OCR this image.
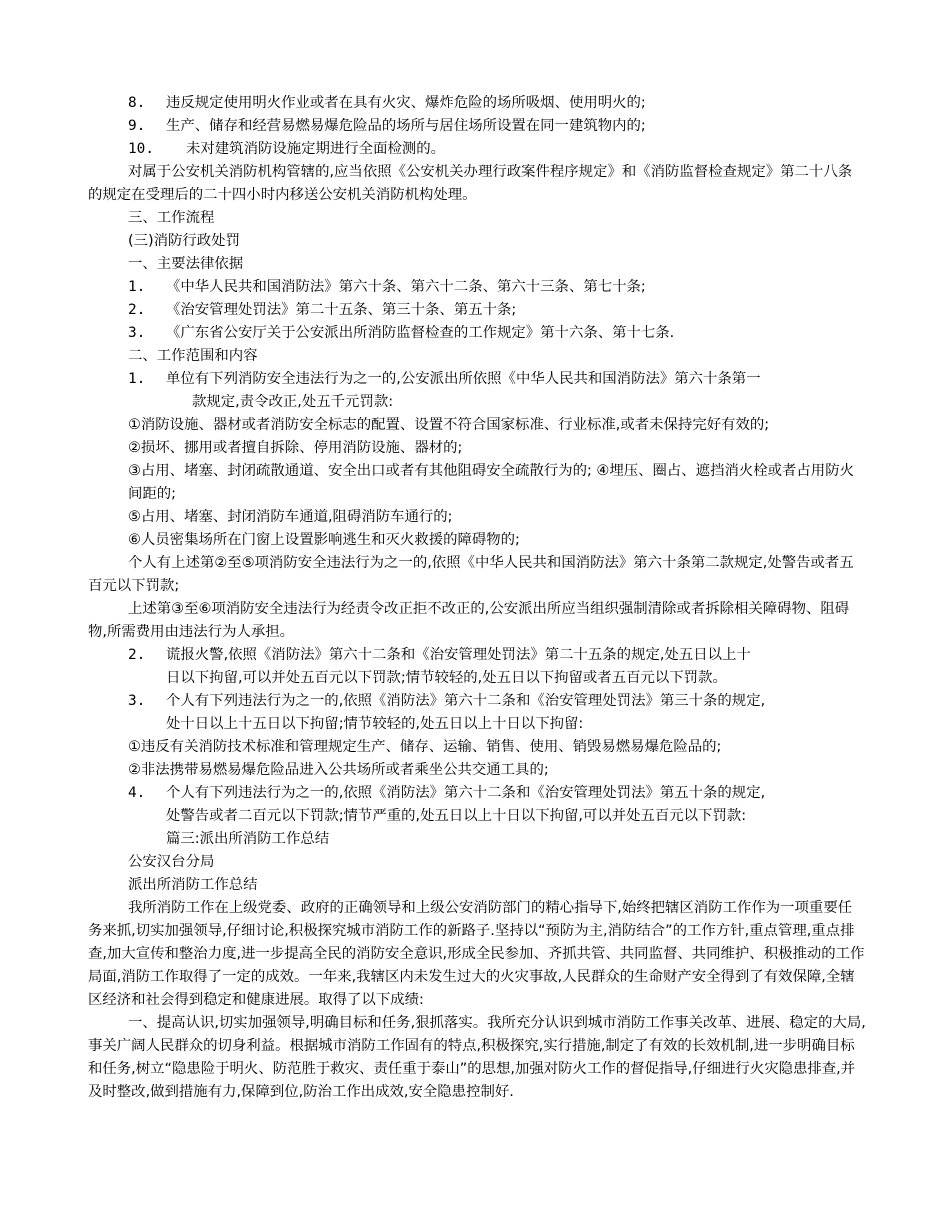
8.	违反规定使用明火作业或者在具有火灾、爆炸危险的场所吸烟、使用明火的;
9.	生产、储存和经营易燃易爆危险品的场所与居住场所设置在同一建筑物内的;
10.	未对建筑消防设施定期进行全面检测的。

对属于公安机关消防机构管辖的,应当依照《公安机关办理行政案件程序规定》和《消防监督检查规定》第二十八条的规定在受理后的二十四小时内移送公安机关消防机构处理。

三、工作流程

(三)消防行政处罚

一、主要法律依据

1.	《中华人民共和国消防法》第六十条、第六十二条、第六十三条、第七十条;
2.	《治安管理处罚法》第二十五条、第三十条、第五十条;
3.	《广东省公安厅关于公安派出所消防监督检查的工作规定》第十六条、第十七条.

二、工作范围和内容

1.	单位有下列消防安全违法行为之一的,公安派出所依照《中华人民共和国消防法》第六十条第一
款规定,责令改正,处五千元罚款:

①消防设施、器材或者消防安全标志的配置、设置不符合国家标准、行业标准,或者未保持完好有效的;

②损坏、挪用或者擅自拆除、停用消防设施、器材的;

③占用、堵塞、封闭疏散通道、安全出口或者有其他阻碍安全疏散行为的; ④埋压、圈占、遮挡消火栓或者占用防火间距的;

⑤占用、堵塞、封闭消防车通道,阻碍消防车通行的;

⑥人员密集场所在门窗上设置影响逃生和灭火救援的障碍物的;

个人有上述第②至⑤项消防安全违法行为之一的,依照《中华人民共和国消防法》第六十条第二款规定,处警告或者五百元以下罚款;

上述第③至⑥项消防安全违法行为经责令改正拒不改正的,公安派出所应当组织强制清除或者拆除相关障碍物、阻碍物,所需费用由违法行为人承担。

2.	谎报火警,依照《消防法》第六十二条和《治安管理处罚法》第二十五条的规定,处五日以上十
日以下拘留,可以并处五百元以下罚款;情节较轻的,处五日以下拘留或者五百元以下罚款。
3.	个人有下列违法行为之一的,依照《消防法》第六十二条和《治安管理处罚法》第三十条的规定,
处十日以上十五日以下拘留;情节较轻的,处五日以上十日以下拘留:

①违反有关消防技术标准和管理规定生产、储存、运输、销售、使用、销毁易燃易爆危险品的;

②非法携带易燃易爆危险品进入公共场所或者乘坐公共交通工具的;

4.	个人有下列违法行为之一的,依照《消防法》第六十二条和《治安管理处罚法》第五十条的规定,
处警告或者二百元以下罚款;情节严重的,处五日以上十日以下拘留,可以并处五百元以下罚款:
篇三:派出所消防工作总结

公安汉台分局

派出所消防工作总结

我所消防工作在上级党委、政府的正确领导和上级公安消防部门的精心指导下,始终把辖区消防工作作为一项重要任务来抓,切实加强领导,仔细讨论,积极探究城市消防工作的新路子.坚持以“预防为主,消防结合”的工作方针,重点管理,重点排查,加大宣传和整治力度,进一步提高全民的消防安全意识,形成全民参加、齐抓共管、共同监督、共同维护、积极推动的工作局面,消防工作取得了一定的成效。一年来,我辖区内未发生过大的火灾事故,人民群众的生命财产安全得到了有效保障,全辖区经济和社会得到稳定和健康进展。取得了以下成绩:

一、提高认识,切实加强领导,明确目标和任务,狠抓落实。我所充分认识到城市消防工作事关改革、进展、稳定的大局,事关广阔人民群众的切身利益。根据城市消防工作固有的特点,积极探究,实行措施,制定了有效的长效机制,进一步明确目标和任务,树立“隐患险于明火、防范胜于救灾、责任重于泰山”的思想,加强对防火工作的督促指导,仔细进行火灾隐患排查,并及时整改,做到措施有力,保障到位,防治工作出成效,安全隐患控制好.
